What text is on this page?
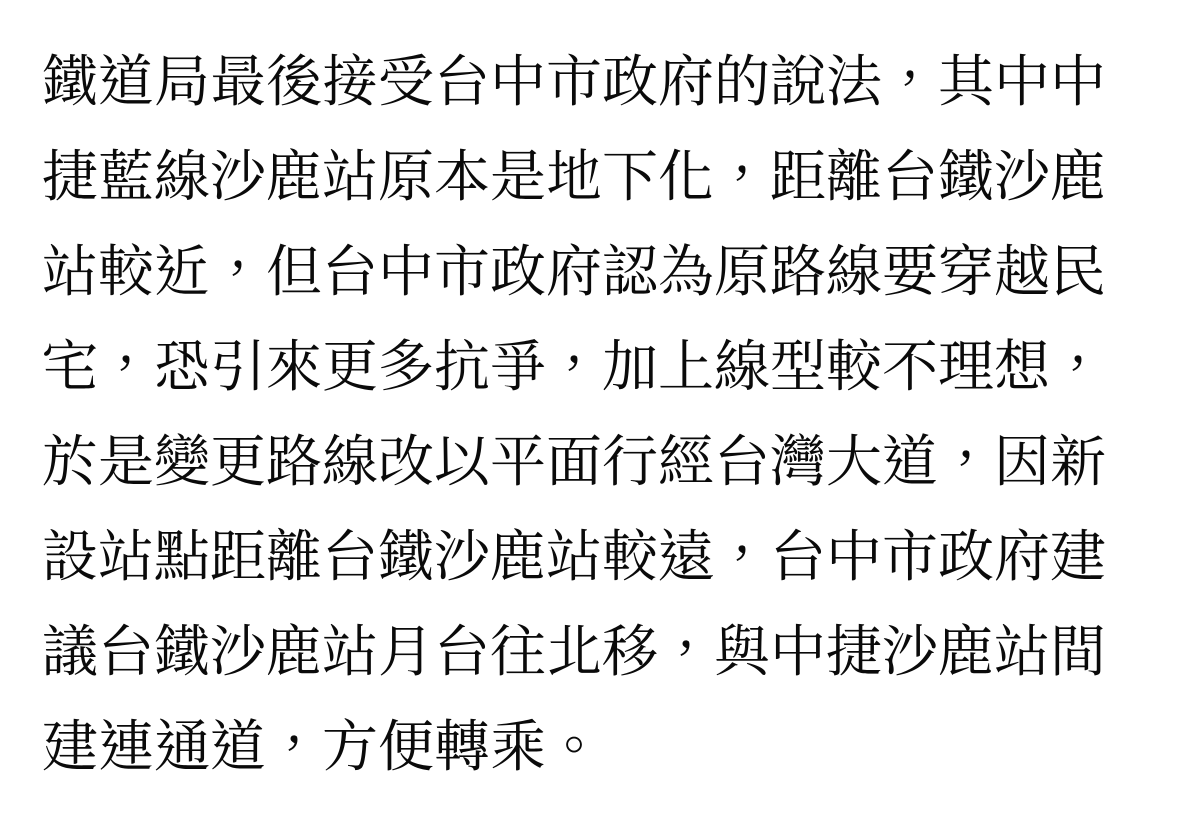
鐵道局最後接受台中市政府的說法，其中中
捷藍線沙鹿站原本是地下化，距離台鐵沙鹿
站較近，但台中市政府認為原路線要穿越民
宅，恐引來更多抗爭，加上線型較不理想，
於是變更路線改以平面行經台灣大道，因新
設站點距離台鐵沙鹿站較遠，台中市政府建
議台鐵沙鹿站月台往北移，與中捷沙鹿站間
建連通道，方便轉乘。
